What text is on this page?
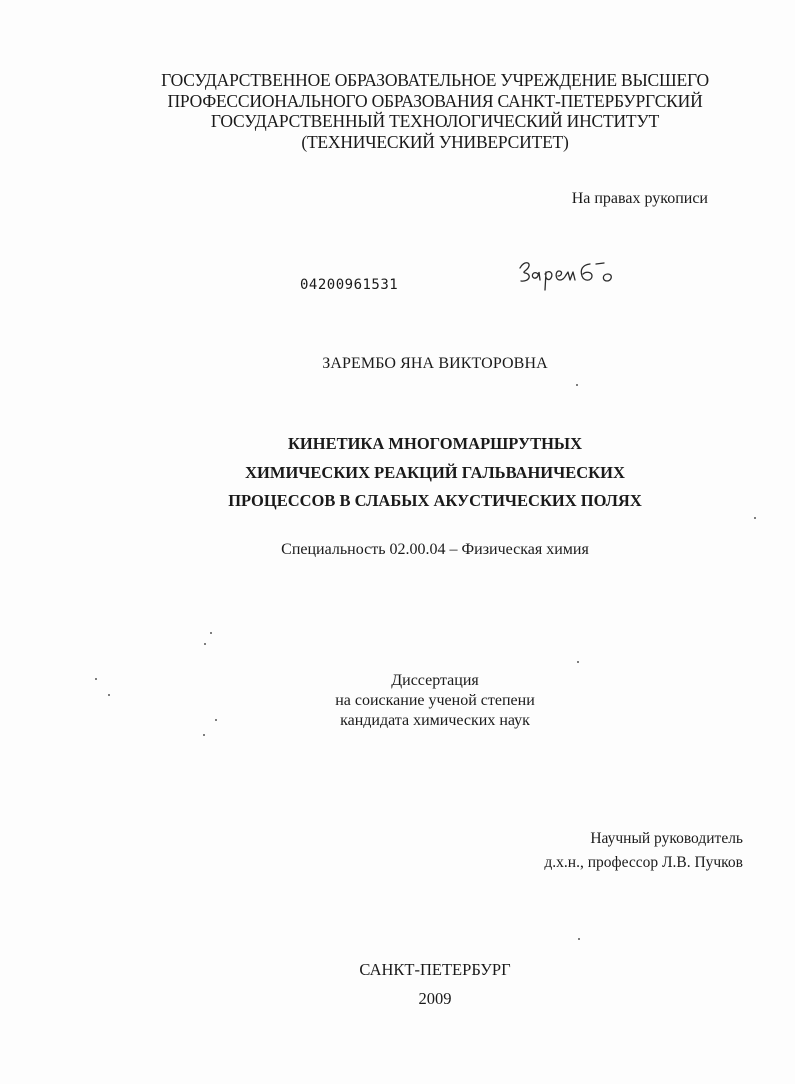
ГОСУДАРСТВЕННОЕ ОБРАЗОВАТЕЛЬНОЕ УЧРЕЖДЕНИЕ ВЫСШЕГО
ПРОФЕССИОНАЛЬНОГО ОБРАЗОВАНИЯ САНКТ-ПЕТЕРБУРГСКИЙ
ГОСУДАРСТВЕННЫЙ ТЕХНОЛОГИЧЕСКИЙ ИНСТИТУТ
(ТЕХНИЧЕСКИЙ УНИВЕРСИТЕТ)
На правах рукописи
04200961531
ЗАРЕМБО ЯНА ВИКТОРОВНА
КИНЕТИКА МНОГОМАРШРУТНЫХ
ХИМИЧЕСКИХ РЕАКЦИЙ ГАЛЬВАНИЧЕСКИХ
ПРОЦЕССОВ В СЛАБЫХ АКУСТИЧЕСКИХ ПОЛЯХ
Специальность 02.00.04 – Физическая химия
Диссертация
на соискание ученой степени
кандидата химических наук
Научный руководитель
д.х.н., профессор Л.В. Пучков
САНКТ-ПЕТЕРБУРГ
2009
